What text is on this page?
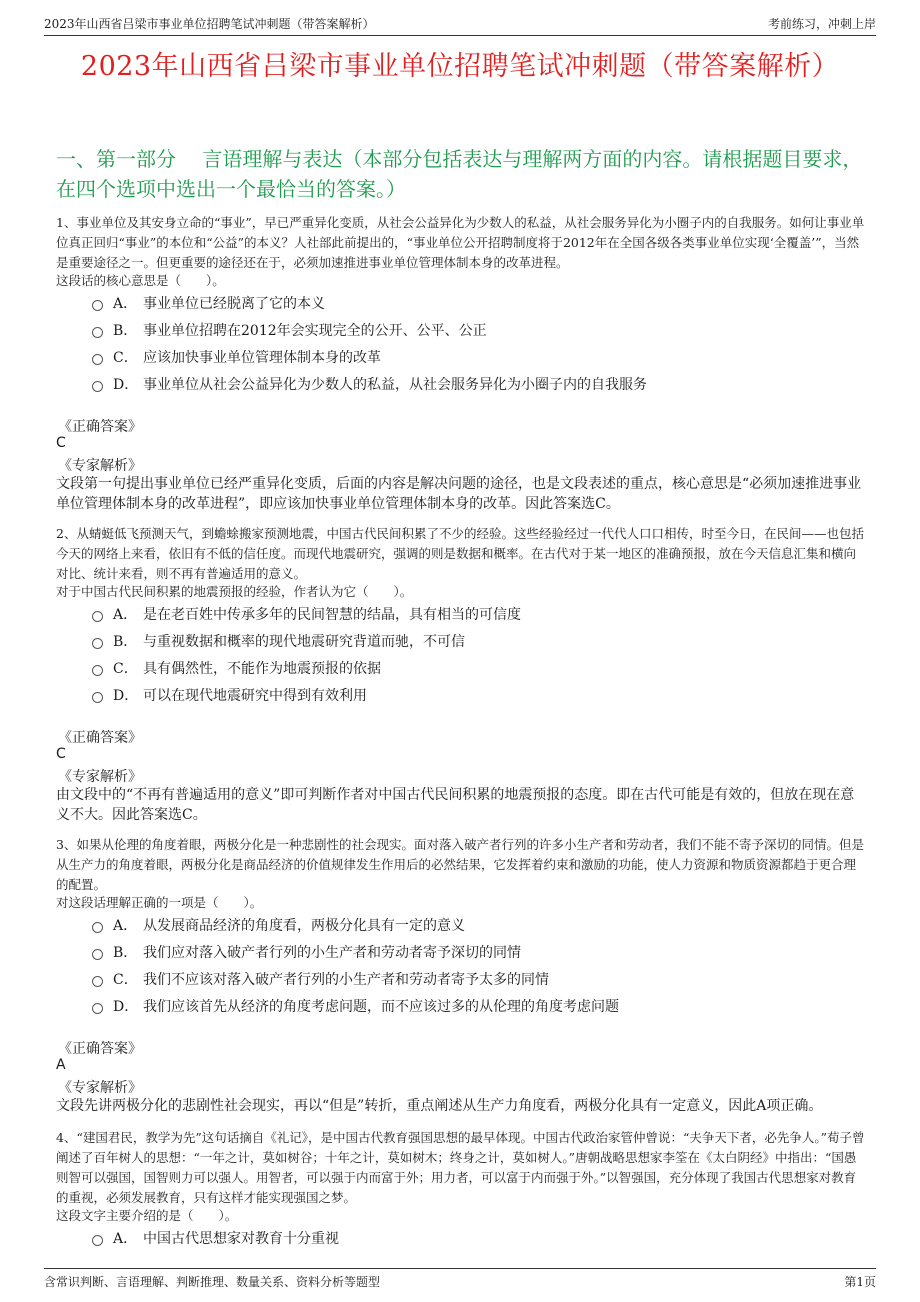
2023年山西省吕梁市事业单位招聘笔试冲刺题（带答案解析）	考前练习，冲刺上岸
2023年山西省吕梁市事业单位招聘笔试冲刺题（带答案解析）
一、第一部分　 言语理解与表达（本部分包括表达与理解两方面的内容。请根据题目要求，在四个选项中选出一个最恰当的答案。）
1、事业单位及其安身立命的“事业”，早已严重异化变质，从社会公益异化为少数人的私益，从社会服务异化为小圈子内的自我服务。如何让事业单位真正回归“事业”的本位和“公益”的本义？人社部此前提出的，“事业单位公开招聘制度将于2012年在全国各级各类事业单位实现‘全覆盖’”，当然是重要途径之一。但更重要的途径还在于，必须加速推进事业单位管理体制本身的改革进程。
这段话的核心意思是（　　）。
A． 事业单位已经脱离了它的本义
B． 事业单位招聘在2012年会实现完全的公开、公平、公正
C． 应该加快事业单位管理体制本身的改革
D． 事业单位从社会公益异化为少数人的私益，从社会服务异化为小圈子内的自我服务
《正确答案》
C
《专家解析》
文段第一句提出事业单位已经严重异化变质，后面的内容是解决问题的途径，也是文段表述的重点，核心意思是“必须加速推进事业单位管理体制本身的改革进程”，即应该加快事业单位管理体制本身的改革。因此答案选C。
2、从蜻蜓低飞预测天气，到蟾蜍搬家预测地震，中国古代民间积累了不少的经验。这些经验经过一代代人口口相传，时至今日，在民间——也包括今天的网络上来看，依旧有不低的信任度。而现代地震研究，强调的则是数据和概率。在古代对于某一地区的准确预报，放在今天信息汇集和横向对比、统计来看，则不再有普遍适用的意义。
对于中国古代民间积累的地震预报的经验，作者认为它（　　）。
A． 是在老百姓中传承多年的民间智慧的结晶，具有相当的可信度
B． 与重视数据和概率的现代地震研究背道而驰，不可信
C． 具有偶然性，不能作为地震预报的依据
D． 可以在现代地震研究中得到有效利用
《正确答案》
C
《专家解析》
由文段中的“不再有普遍适用的意义”即可判断作者对中国古代民间积累的地震预报的态度。即在古代可能是有效的，但放在现在意义不大。因此答案选C。
3、如果从伦理的角度着眼，两极分化是一种悲剧性的社会现实。面对落入破产者行列的许多小生产者和劳动者，我们不能不寄予深切的同情。但是从生产力的角度着眼，两极分化是商品经济的价值规律发生作用后的必然结果，它发挥着约束和激励的功能，使人力资源和物质资源都趋于更合理的配置。
对这段话理解正确的一项是（　　）。
A． 从发展商品经济的角度看，两极分化具有一定的意义
B． 我们应对落入破产者行列的小生产者和劳动者寄予深切的同情
C． 我们不应该对落入破产者行列的小生产者和劳动者寄予太多的同情
D． 我们应该首先从经济的角度考虑问题，而不应该过多的从伦理的角度考虑问题
《正确答案》
A
《专家解析》
文段先讲两极分化的悲剧性社会现实，再以“但是”转折，重点阐述从生产力角度看，两极分化具有一定意义，因此A项正确。
4、“建国君民，教学为先”这句话摘自《礼记》，是中国古代教育强国思想的最早体现。中国古代政治家管仲曾说：“夫争天下者，必先争人。”荀子曾阐述了百年树人的思想：“一年之计，莫如树谷；十年之计，莫如树木；终身之计，莫如树人。”唐朝战略思想家李筌在《太白阴经》中指出：“国愚则智可以强国，国智则力可以强人。用智者，可以强于内而富于外；用力者，可以富于内而强于外。”以智强国，充分体现了我国古代思想家对教育的重视，必须发展教育，只有这样才能实现强国之梦。
这段文字主要介绍的是（　　）。
A． 中国古代思想家对教育十分重视
含常识判断、言语理解、判断推理、数量关系、资料分析等题型	第1页
